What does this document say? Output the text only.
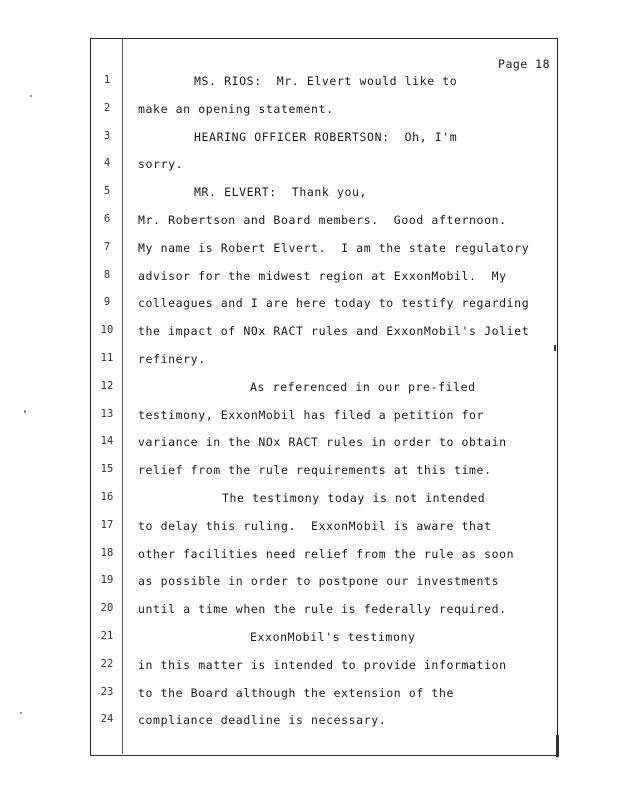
Page 18
1	MS. RIOS:  Mr. Elvert would like to
2	make an opening statement.
3	HEARING OFFICER ROBERTSON:  Oh, I'm
4	sorry.
5	MR. ELVERT:  Thank you,
6	Mr. Robertson and Board members.  Good afternoon.
7	My name is Robert Elvert.  I am the state regulatory
8	advisor for the midwest region at ExxonMobil.  My
9	colleagues and I are here today to testify regarding
10	the impact of NOx RACT rules and ExxonMobil's Joliet
11	refinery.
12	As referenced in our pre-filed
13	testimony, ExxonMobil has filed a petition for
14	variance in the NOx RACT rules in order to obtain
15	relief from the rule requirements at this time.
16	The testimony today is not intended
17	to delay this ruling.  ExxonMobil is aware that
18	other facilities need relief from the rule as soon
19	as possible in order to postpone our investments
20	until a time when the rule is federally required.
21	ExxonMobil's testimony
22	in this matter is intended to provide information
23	to the Board although the extension of the
24	compliance deadline is necessary.
